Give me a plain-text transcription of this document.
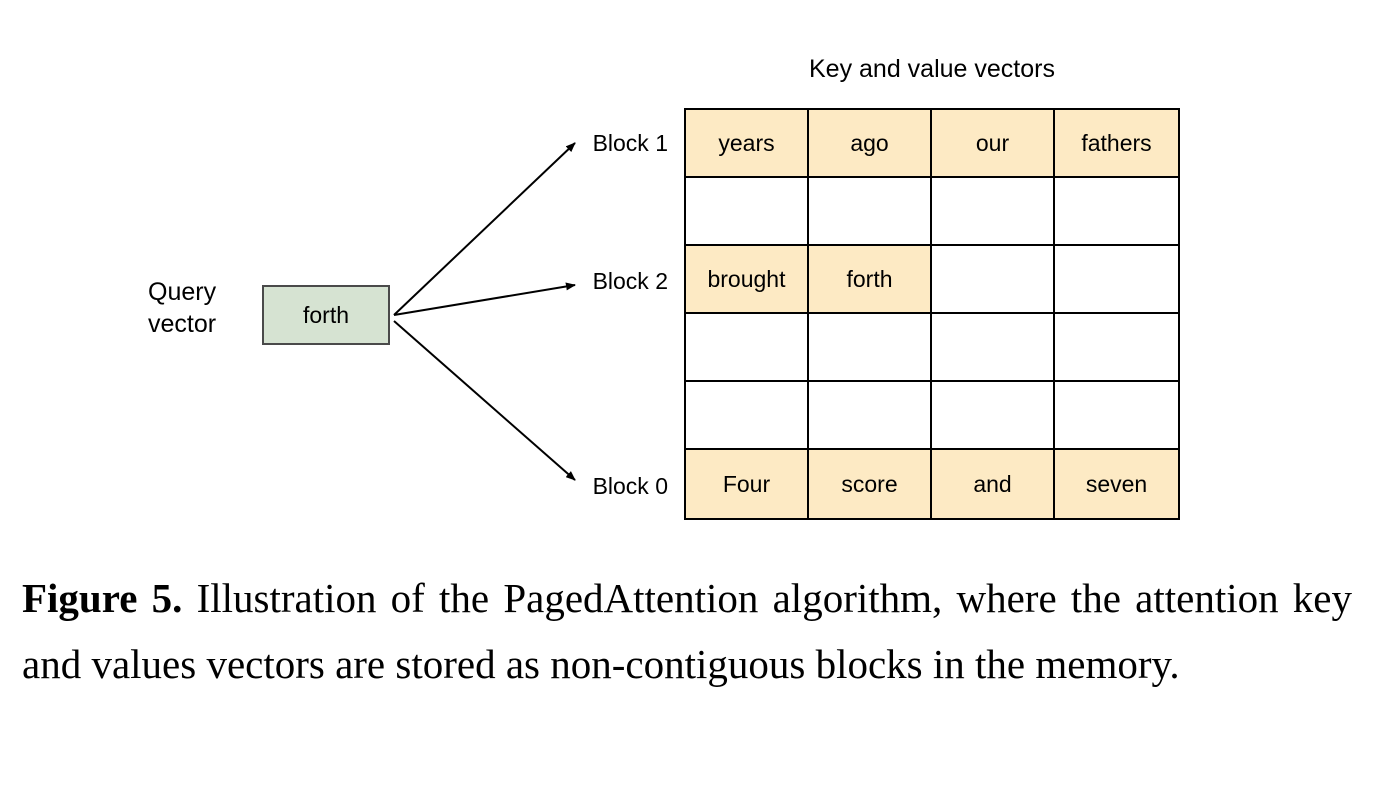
Key and value vectors
Query
vector	forth
Block 1
Block 2
Block 0
years	ago	our	fathers
brought	forth
Four	score	and	seven
Figure 5. Illustration of the PagedAttention algorithm, where the attention key and values vectors are stored as non-contiguous blocks in the memory.
